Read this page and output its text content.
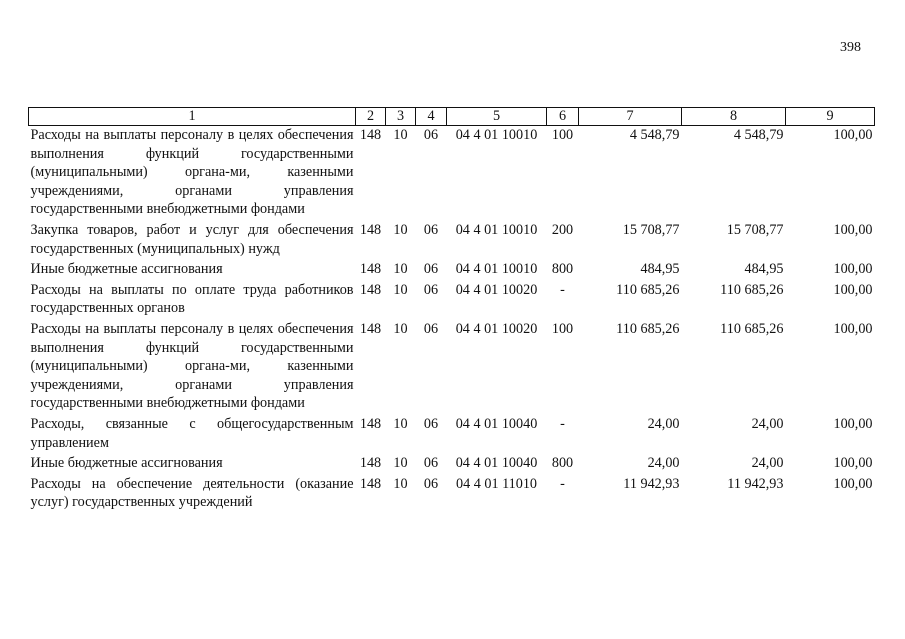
398
1	2	3	4	5	6	7	8	9
Расходы на выплаты персоналу в целях обеспечения выполнения функций государственными (муниципальными) органа-ми, казенными учреждениями, органами управления государственными внебюджетными фондами	148	10	06	04 4 01 10010	100	4 548,79	4 548,79	100,00
Закупка товаров, работ и услуг для обеспечения государственных (муниципальных) нужд	148	10	06	04 4 01 10010	200	15 708,77	15 708,77	100,00
Иные бюджетные ассигнования	148	10	06	04 4 01 10010	800	484,95	484,95	100,00
Расходы на выплаты по оплате труда работников государственных органов	148	10	06	04 4 01 10020	-	110 685,26	110 685,26	100,00
Расходы на выплаты персоналу в целях обеспечения выполнения функций государственными (муниципальными) органа-ми, казенными учреждениями, органами управления государственными внебюджетными фондами	148	10	06	04 4 01 10020	100	110 685,26	110 685,26	100,00
Расходы, связанные с общегосударственным управлением	148	10	06	04 4 01 10040	-	24,00	24,00	100,00
Иные бюджетные ассигнования	148	10	06	04 4 01 10040	800	24,00	24,00	100,00
Расходы на обеспечение деятельности (оказание услуг) государственных учреждений	148	10	06	04 4 01 11010	-	11 942,93	11 942,93	100,00
